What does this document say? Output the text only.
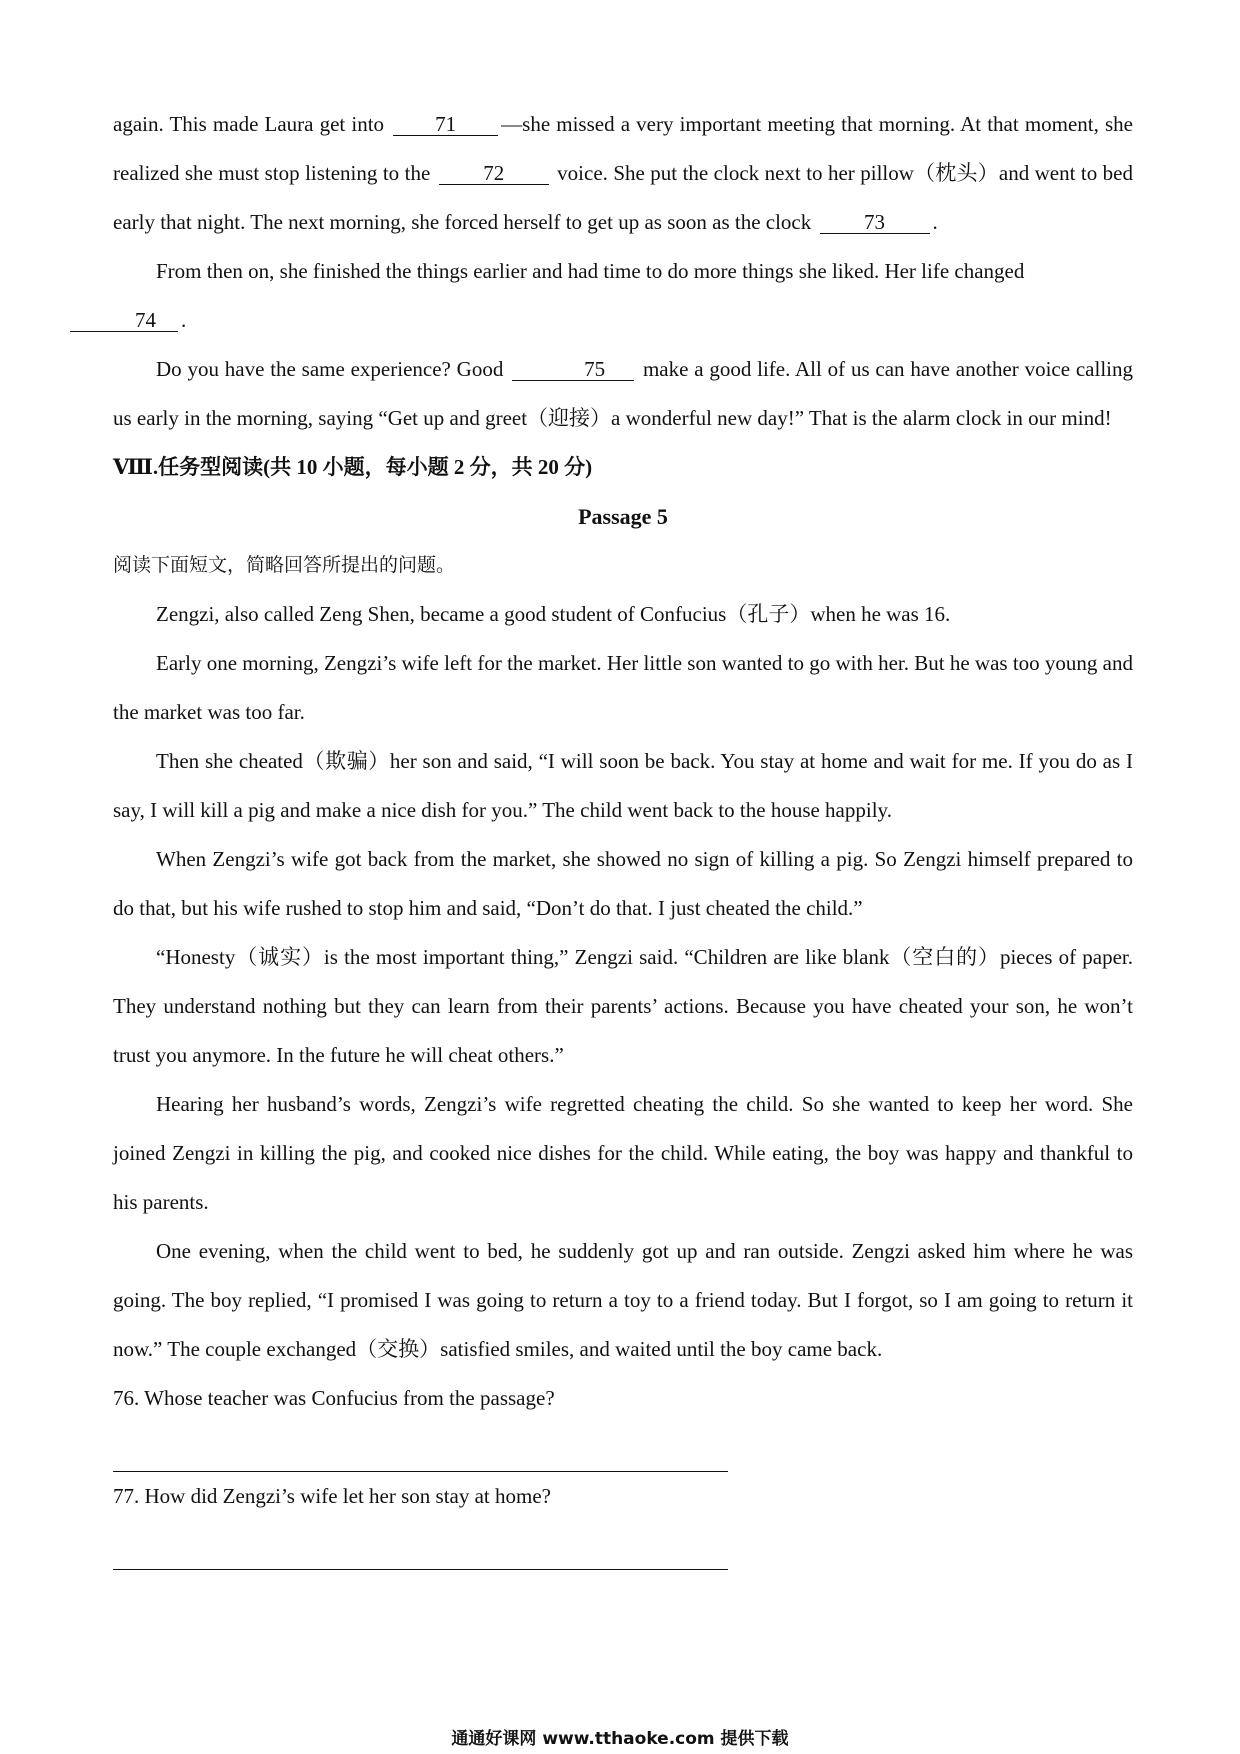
again. This made Laura get into 71 —she missed a very important meeting that morning. At that moment, she realized she must stop listening to the 72 voice. She put the clock next to her pillow（枕头）and went to bed early that night. The next morning, she forced herself to get up as soon as the clock 73 .

From then on, she finished the things earlier and had time to do more things she liked. Her life changed
74 .

Do you have the same experience? Good	75 make a good life. All of us can have another voice calling us early in the morning, saying “Get up and greet（迎接）a wonderful new day!” That is the alarm clock in our mind!

Ⅷ.任务型阅读(共 10 小题，每小题 2 分，共 20 分)
Passage 5

阅读下面短文，简略回答所提出的问题。

Zengzi, also called Zeng Shen, became a good student of Confucius（孔子）when he was 16.

Early one morning, Zengzi’s wife left for the market. Her little son wanted to go with her. But he was too young and the market was too far.

Then she cheated（欺骗）her son and said, “I will soon be back. You stay at home and wait for me. If you do as I say, I will kill a pig and make a nice dish for you.” The child went back to the house happily.

When Zengzi’s wife got back from the market, she showed no sign of killing a pig. So Zengzi himself prepared to do that, but his wife rushed to stop him and said, “Don’t do that. I just cheated the child.”

“Honesty（诚实）is the most important thing,” Zengzi said. “Children are like blank（空白的）pieces of paper. They understand nothing but they can learn from their parents’ actions. Because you have cheated your son, he won’t trust you anymore. In the future he will cheat others.”

Hearing her husband’s words, Zengzi’s wife regretted cheating the child. So she wanted to keep her word. She joined Zengzi in killing the pig, and cooked nice dishes for the child. While eating, the boy was happy and thankful to his parents.

One evening, when the child went to bed, he suddenly got up and ran outside. Zengzi asked him where he was going. The boy replied, “I promised I was going to return a toy to a friend today. But I forgot, so I am going to return it now.” The couple exchanged（交换）satisfied smiles, and waited until the boy came back.

76. Whose teacher was Confucius from the passage?
77. How did Zengzi’s wife let her son stay at home?
通通好课网 www.tthaoke.com 提供下载
